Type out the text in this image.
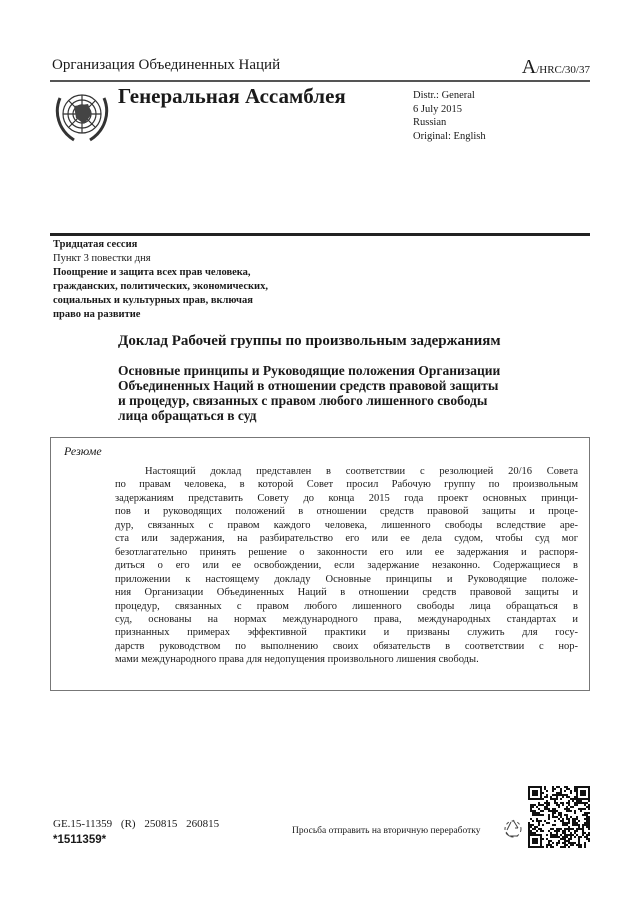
Организация Объединенных Наций	A/HRC/30/37
Генеральная Ассамблея	Distr.: General
6 July 2015
Russian
Original: English
Тридцатая сессия
Пункт 3 повестки дня
Поощрение и защита всех прав человека,
гражданских, политических, экономических,
социальных и культурных прав, включая
право на развитие
Доклад Рабочей группы по произвольным задержаниям
Основные принципы и Руководящие положения Организации
Объединенных Наций в отношении средств правовой защиты
и процедур, связанных с правом любого лишенного свободы
лица обращаться в суд
Резюме
Настоящий доклад представлен в соответствии с резолюцией 20/16 Совета
по правам человека, в которой Совет просил Рабочую группу по произвольным
задержаниям представить Совету до конца 2015 года проект основных принци-
пов и руководящих положений в отношении средств правовой защиты и проце-
дур, связанных с правом каждого человека, лишенного свободы вследствие аре-
ста или задержания, на разбирательство его или ее дела судом, чтобы суд мог
безотлагательно принять решение о законности его или ее задержания и распоря-
диться о его или ее освобождении, если задержание незаконно. Содержащиеся в
приложении к настоящему докладу Основные принципы и Руководящие положе-
ния Организации Объединенных Наций в отношении средств правовой защиты и
процедур, связанных с правом любого лишенного свободы лица обращаться в
суд, основаны на нормах международного права, международных стандартах и
признанных примерах эффективной практики и призваны служить для госу-
дарств руководством по выполнению своих обязательств в соответствии с нор-
мами международного права для недопущения произвольного лишения свободы.
GE.15-11359 (R) 250815 260815
*1511359*
Просьба отправить на вторичную переработку
